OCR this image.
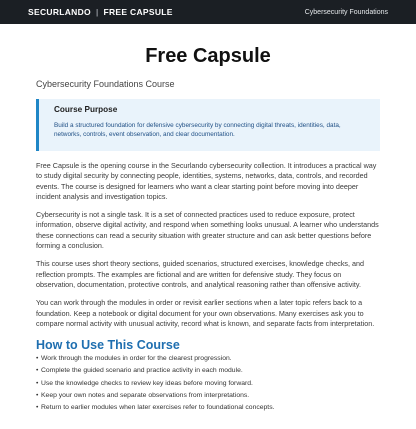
SECURLANDO | FREE CAPSULE	Cybersecurity Foundations
Free Capsule
Cybersecurity Foundations Course
Course Purpose

Build a structured foundation for defensive cybersecurity by connecting digital threats, identities, data, networks, controls, event observation, and clear documentation.

Free Capsule is the opening course in the Securlando cybersecurity collection. It introduces a practical way to study digital security by connecting people, identities, systems, networks, data, controls, and recorded events. The course is designed for learners who want a clear starting point before moving into deeper incident analysis and investigation topics.

Cybersecurity is not a single task. It is a set of connected practices used to reduce exposure, protect information, observe digital activity, and respond when something looks unusual. A learner who understands these connections can read a security situation with greater structure and can ask better questions before forming a conclusion.

This course uses short theory sections, guided scenarios, structured exercises, knowledge checks, and reflection prompts. The examples are fictional and are written for defensive study. They focus on observation, documentation, protective controls, and analytical reasoning rather than offensive activity.

You can work through the modules in order or revisit earlier sections when a later topic refers back to a foundation. Keep a notebook or digital document for your own observations. Many exercises ask you to compare normal activity with unusual activity, record what is known, and separate facts from interpretation.

How to Use This Course
• Work through the modules in order for the clearest progression.
• Complete the guided scenario and practice activity in each module.
• Use the knowledge checks to review key ideas before moving forward.
• Keep your own notes and separate observations from interpretations.
• Return to earlier modules when later exercises refer to foundational concepts.
